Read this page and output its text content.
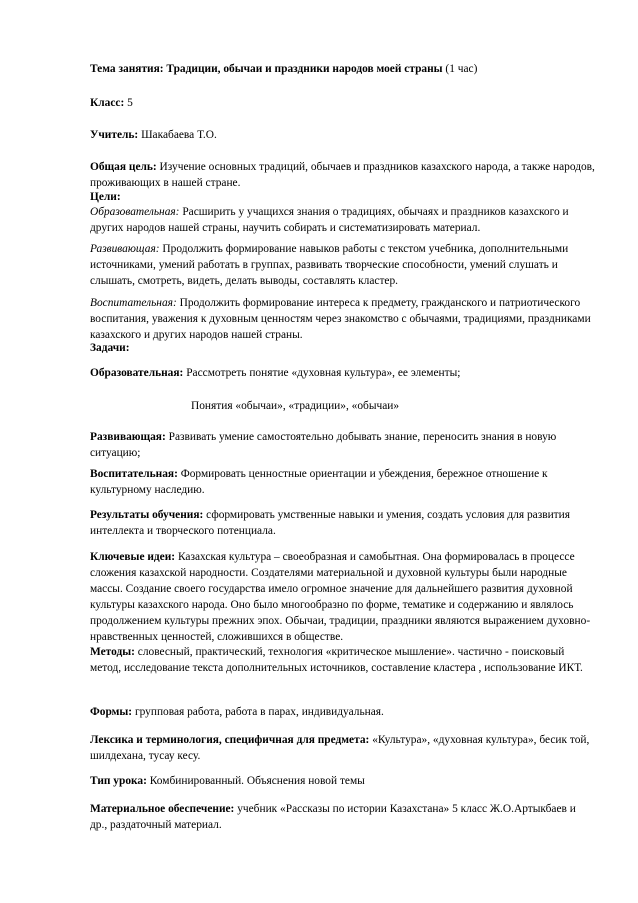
Тема занятия: Традиции, обычаи и праздники народов моей страны (1 час)
Класс: 5
Учитель: Шакабаева Т.О.
Общая цель: Изучение основных традиций, обычаев и праздников казахского народа, а также народов, проживающих в нашей стране.
Цели:
Образовательная: Расширить у учащихся знания о традициях, обычаях и праздников казахского и других народов нашей страны, научить собирать и систематизировать материал.
Развивающая: Продолжить формирование навыков работы с текстом учебника, дополнительными источниками, умений работать в группах, развивать творческие способности, умений слушать и слышать, смотреть, видеть, делать выводы, составлять кластер.
Воспитательная: Продолжить формирование интереса к предмету, гражданского и патриотического воспитания, уважения к духовным ценностям через знакомство с обычаями, традициями, праздниками казахского и других народов нашей страны.
Задачи:
Образовательная: Рассмотреть понятие «духовная культура», ее элементы;
Понятия «обычаи», «традиции», «обычаи»
Развивающая: Развивать умение самостоятельно добывать знание, переносить знания в новую ситуацию;
Воспитательная: Формировать ценностные ориентации и убеждения, бережное отношение к культурному наследию.
Результаты обучения: сформировать умственные навыки и умения, создать условия для развития интеллекта и творческого потенциала.
Ключевые идеи: Казахская культура – своеобразная и самобытная. Она формировалась в процессе сложения казахской народности. Создателями материальной и духовной культуры были народные массы. Создание своего государства имело огромное значение для дальнейшего развития духовной культуры казахского народа. Оно было многообразно по форме, тематике и содержанию и являлось продолжением культуры прежних эпох. Обычаи, традиции, праздники являются выражением духовно-нравственных ценностей, сложившихся в обществе.
Методы: словесный, практический, технология «критическое мышление». частично - поисковый метод, исследование текста дополнительных источников, составление кластера , использование ИКТ.
Формы: групповая работа, работа в парах, индивидуальная.
Лексика и терминология, специфичная для предмета: «Культура», «духовная культура», бесик той, шилдехана, тусау кесу.
Тип урока: Комбинированный. Объяснения новой темы
Материальное обеспечение: учебник «Рассказы по истории Казахстана» 5 класс Ж.О.Артыкбаев и др., раздаточный материал.
